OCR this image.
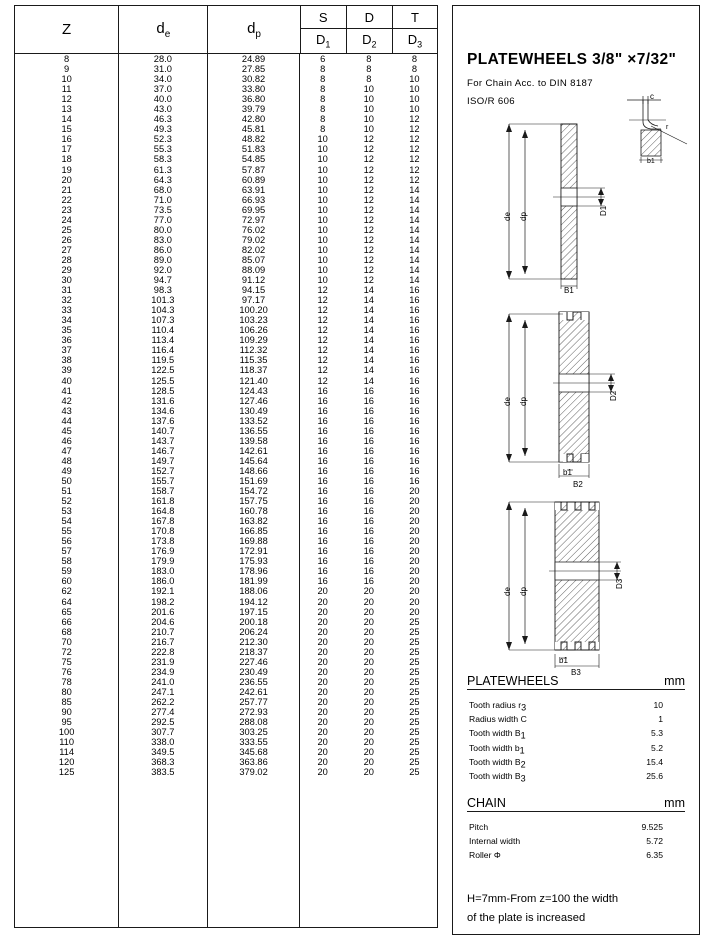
Z	$d_e$	$d_p$	S	D	T
			$D_1$	$D_2$	$D_3$
8	28.0	24.89	6	8	8
9	31.0	27.85	8	8	8
10	34.0	30.82	8	8	10
11	37.0	33.80	8	10	10
12	40.0	36.80	8	10	10
13	43.0	39.79	8	10	10
14	46.3	42.80	8	10	12
15	49.3	45.81	8	10	12
16	52.3	48.82	10	12	12
17	55.3	51.83	10	12	12
18	58.3	54.85	10	12	12
19	61.3	57.87	10	12	12
20	64.3	60.89	10	12	12
21	68.0	63.91	10	12	14
22	71.0	66.93	10	12	14
23	73.5	69.95	10	12	14
24	77.0	72.97	10	12	14
25	80.0	76.02	10	12	14
26	83.0	79.02	10	12	14
27	86.0	82.02	10	12	14
28	89.0	85.07	10	12	14
29	92.0	88.09	10	12	14
30	94.7	91.12	10	12	14
31	98.3	94.15	12	14	16
32	101.3	97.17	12	14	16
33	104.3	100.20	12	14	16
34	107.3	103.23	12	14	16
35	110.4	106.26	12	14	16
36	113.4	109.29	12	14	16
37	116.4	112.32	12	14	16
38	119.5	115.35	12	14	16
39	122.5	118.37	12	14	16
40	125.5	121.40	12	14	16
41	128.5	124.43	16	16	16
42	131.6	127.46	16	16	16
43	134.6	130.49	16	16	16
44	137.6	133.52	16	16	16
45	140.7	136.55	16	16	16
46	143.7	139.58	16	16	16
47	146.7	142.61	16	16	16
48	149.7	145.64	16	16	16
49	152.7	148.66	16	16	16
50	155.7	151.69	16	16	16
51	158.7	154.72	16	16	20
52	161.8	157.75	16	16	20
53	164.8	160.78	16	16	20
54	167.8	163.82	16	16	20
55	170.8	166.85	16	16	20
56	173.8	169.88	16	16	20
57	176.9	172.91	16	16	20
58	179.9	175.93	16	16	20
59	183.0	178.96	16	16	20
60	186.0	181.99	16	16	20
62	192.1	188.06	20	20	20
64	198.2	194.12	20	20	20
65	201.6	197.15	20	20	20
66	204.6	200.18	20	20	25
68	210.7	206.24	20	20	25
70	216.7	212.30	20	20	25
72	222.8	218.37	20	20	25
75	231.9	227.46	20	20	25
76	234.9	230.49	20	20	25
78	241.0	236.55	20	20	25
80	247.1	242.61	20	20	25
85	262.2	257.77	20	20	25
90	277.4	272.93	20	20	25
95	292.5	288.08	20	20	25
100	307.7	303.25	20	20	25
110	338.0	333.55	20	20	25
114	349.5	345.68	20	20	25
120	368.3	363.86	20	20	25
125	383.5	379.02	20	20	25
PLATEWHEELS 3/8" ×7/32"
For Chain Acc. to DIN 8187
ISO/R 606	c
r
b1
de dp
D1
B1
de dp
D2
b1
B2
de dp
D3
b1
B3
PLATEWHEELS	mm
Tooth radius r3	10
Radius width C	1
Tooth width B1	5.3
Tooth width b1	5.2
Tooth width B2	15.4
Tooth width B3	25.6
CHAIN	mm
Pitch	9.525
Internal width	5.72
Roller Φ	6.35
H=7mm-From z=100 the width
of the plate is increased
